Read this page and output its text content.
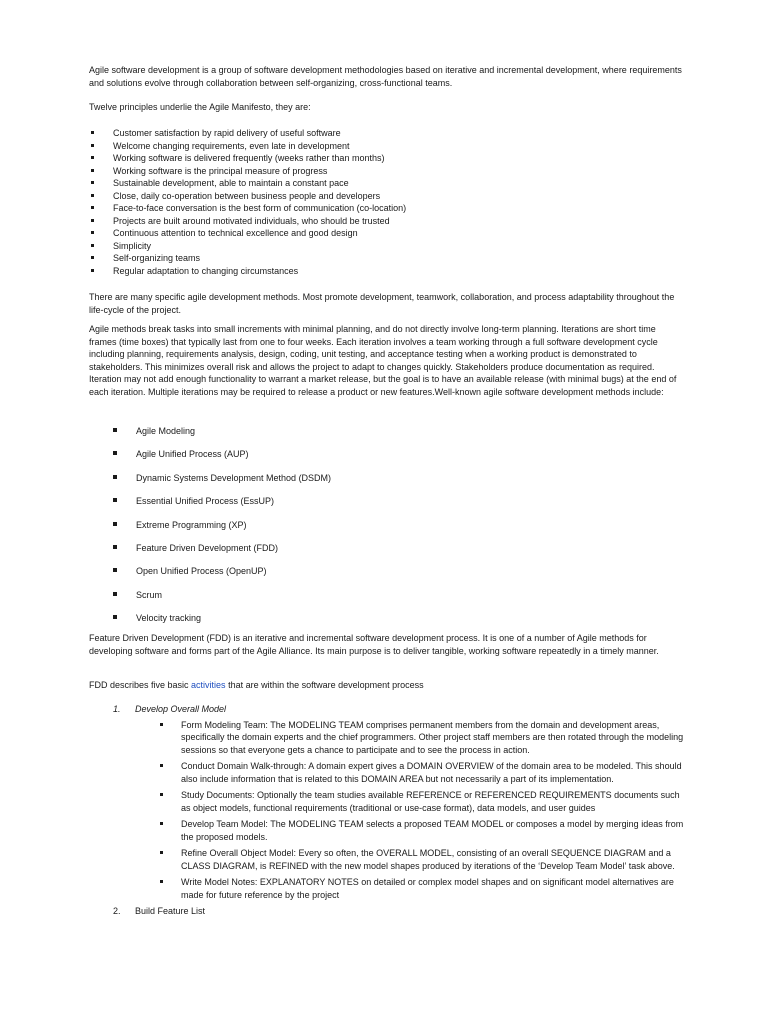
Agile software development is a group of software development methodologies based on iterative and incremental development, where requirements and solutions evolve through collaboration between self-organizing, cross-functional teams.

Twelve principles underlie the Agile Manifesto, they are:

Customer satisfaction by rapid delivery of useful software
Welcome changing requirements, even late in development
Working software is delivered frequently (weeks rather than months)
Working software is the principal measure of progress
Sustainable development, able to maintain a constant pace
Close, daily co-operation between business people and developers
Face-to-face conversation is the best form of communication (co-location)
Projects are built around motivated individuals, who should be trusted
Continuous attention to technical excellence and good design
Simplicity
Self-organizing teams
Regular adaptation to changing circumstances

There are many specific agile development methods. Most promote development, teamwork, collaboration, and process adaptability throughout the life-cycle of the project.

Agile methods break tasks into small increments with minimal planning, and do not directly involve long-term planning. Iterations are short time frames (time boxes) that typically last from one to four weeks. Each iteration involves a team working through a full software development cycle including planning, requirements analysis, design, coding, unit testing, and acceptance testing when a working product is demonstrated to stakeholders. This minimizes overall risk and allows the project to adapt to changes quickly. Stakeholders produce documentation as required. Iteration may not add enough functionality to warrant a market release, but the goal is to have an available release (with minimal bugs) at the end of each iteration. Multiple iterations may be required to release a product or new features.Well-known agile software development methods include:

Agile Modeling
Agile Unified Process (AUP)
Dynamic Systems Development Method (DSDM)
Essential Unified Process (EssUP)
Extreme Programming (XP)
Feature Driven Development (FDD)
Open Unified Process (OpenUP)
Scrum
Velocity tracking

Feature Driven Development (FDD) is an iterative and incremental software development process. It is one of a number of Agile methods for developing software and forms part of the Agile Alliance. Its main purpose is to deliver tangible, working software repeatedly in a timely manner.

FDD describes five basic activities that are within the software development process

1. Develop Overall Model
Form Modeling Team: The MODELING TEAM comprises permanent members from the domain and development areas, specifically the domain experts and the chief programmers. Other project staff members are then rotated through the modeling sessions so that everyone gets a chance to participate and to see the process in action.
Conduct Domain Walk-through: A domain expert gives a DOMAIN OVERVIEW of the domain area to be modeled. This should also include information that is related to this DOMAIN AREA but not necessarily a part of its implementation.
Study Documents: Optionally the team studies available REFERENCE or REFERENCED REQUIREMENTS documents such as object models, functional requirements (traditional or use-case format), data models, and user guides
Develop Team Model: The MODELING TEAM selects a proposed TEAM MODEL or composes a model by merging ideas from the proposed models.
Refine Overall Object Model: Every so often, the OVERALL MODEL, consisting of an overall SEQUENCE DIAGRAM and a CLASS DIAGRAM, is REFINED with the new model shapes produced by iterations of the ‘Develop Team Model’ task above.
Write Model Notes: EXPLANATORY NOTES on detailed or complex model shapes and on significant model alternatives are made for future reference by the project
2. Build Feature List
